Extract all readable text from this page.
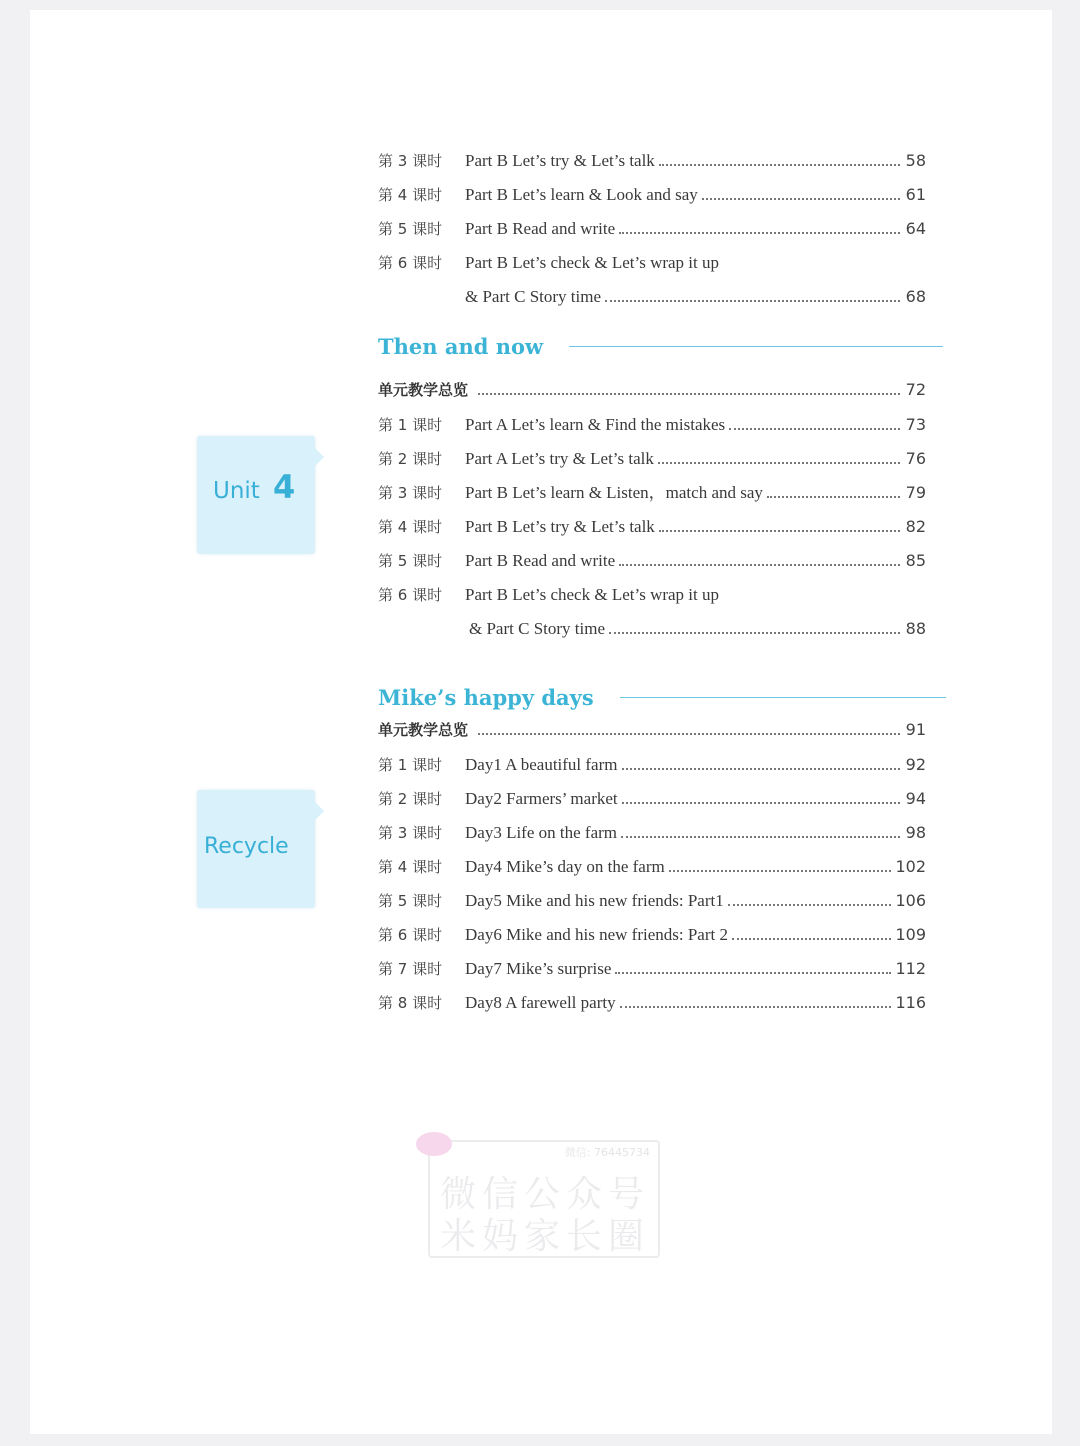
第 3 课时	Part B Let’s try & Let’s talk	58
第 4 课时	Part B Let’s learn & Look and say	61
第 5 课时	Part B Read and write	64
第 6 课时	Part B Let’s check & Let’s wrap it up
& Part C Story time	68
Then and now
Unit 4
单元教学总览	72
第 1 课时	Part A Let’s learn & Find the mistakes	73
第 2 课时	Part A Let’s try & Let’s talk	76
第 3 课时	Part B Let’s learn & Listen，match and say	79
第 4 课时	Part B Let’s try & Let’s talk	82
第 5 课时	Part B Read and write	85
第 6 课时	Part B Let’s check & Let’s wrap it up
& Part C Story time	88
Mike’s happy days
Recycle
单元教学总览	91
第 1 课时	Day1 A beautiful farm	92
第 2 课时	Day2 Farmers’ market	94
第 3 课时	Day3 Life on the farm	98
第 4 课时	Day4 Mike’s day on the farm	102
第 5 课时	Day5 Mike and his new friends: Part1	106
第 6 课时	Day6 Mike and his new friends: Part 2	109
第 7 课时	Day7 Mike’s surprise	112
第 8 课时	Day8 A farewell party	116
微信: 76445734
微信公众号
米妈家长圈
